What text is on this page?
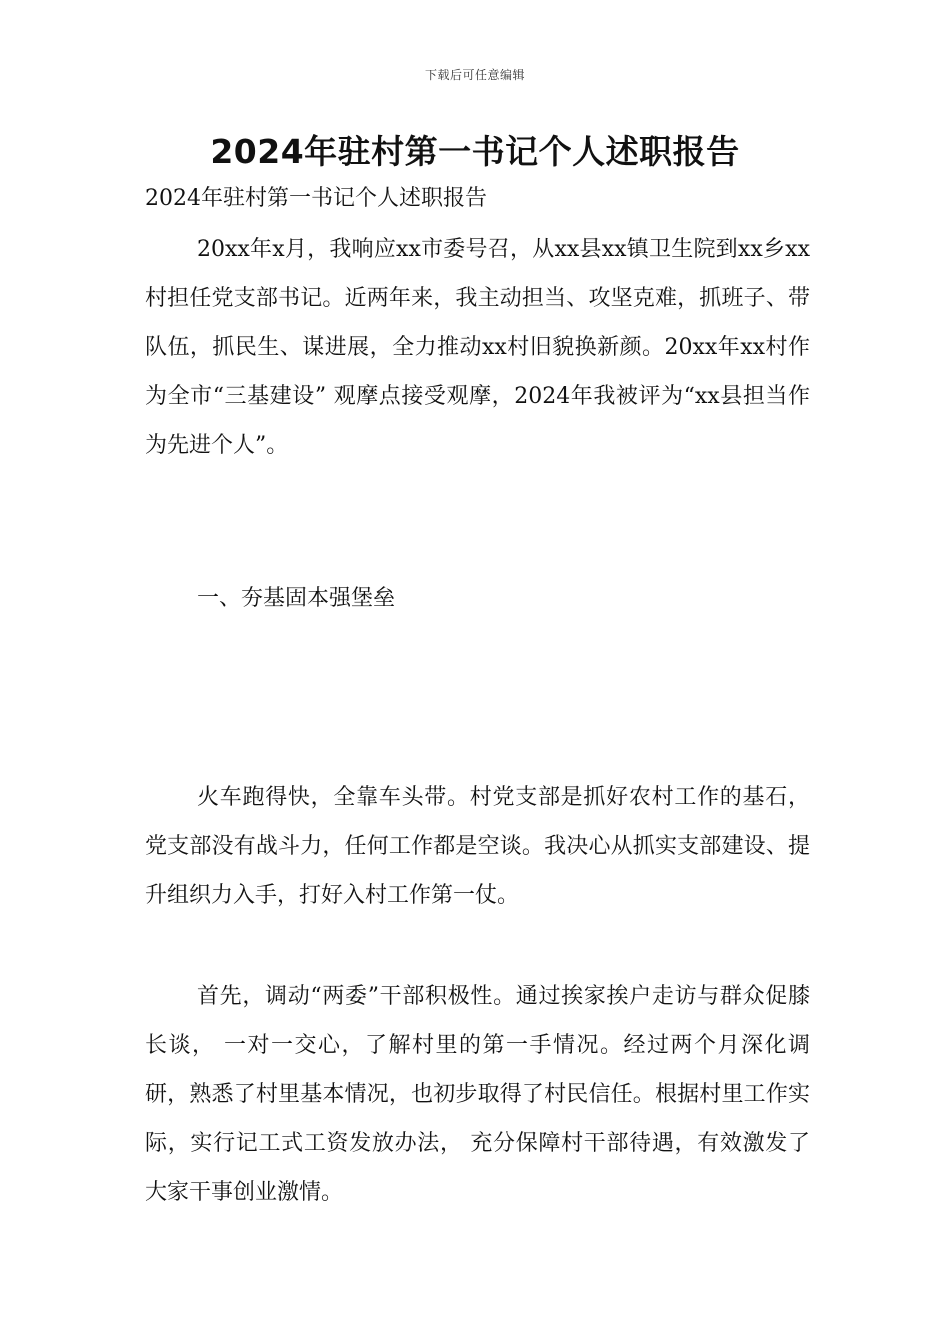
下载后可任意编辑
2024年驻村第一书记个人述职报告

2024年驻村第一书记个人述职报告

20xx年x月，我响应xx市委号召，从xx县xx镇卫生院到xx乡xx村担任党支部书记。近两年来，我主动担当、攻坚克难，抓班子、带队伍，抓民生、谋进展，全力推动xx村旧貌换新颜。20xx年xx村作为全市“三基建设” 观摩点接受观摩，2024年我被评为“xx县担当作为先进个人”。

一、夯基固本强堡垒

火车跑得快，全靠车头带。村党支部是抓好农村工作的基石，党支部没有战斗力，任何工作都是空谈。我决心从抓实支部建设、提升组织力入手，打好入村工作第一仗。

首先，调动“两委”干部积极性。通过挨家挨户走访与群众促膝长谈， 一对一交心，了解村里的第一手情况。经过两个月深化调研，熟悉了村里基本情况，也初步取得了村民信任。根据村里工作实际，实行记工式工资发放办法， 充分保障村干部待遇，有效激发了大家干事创业激情。
